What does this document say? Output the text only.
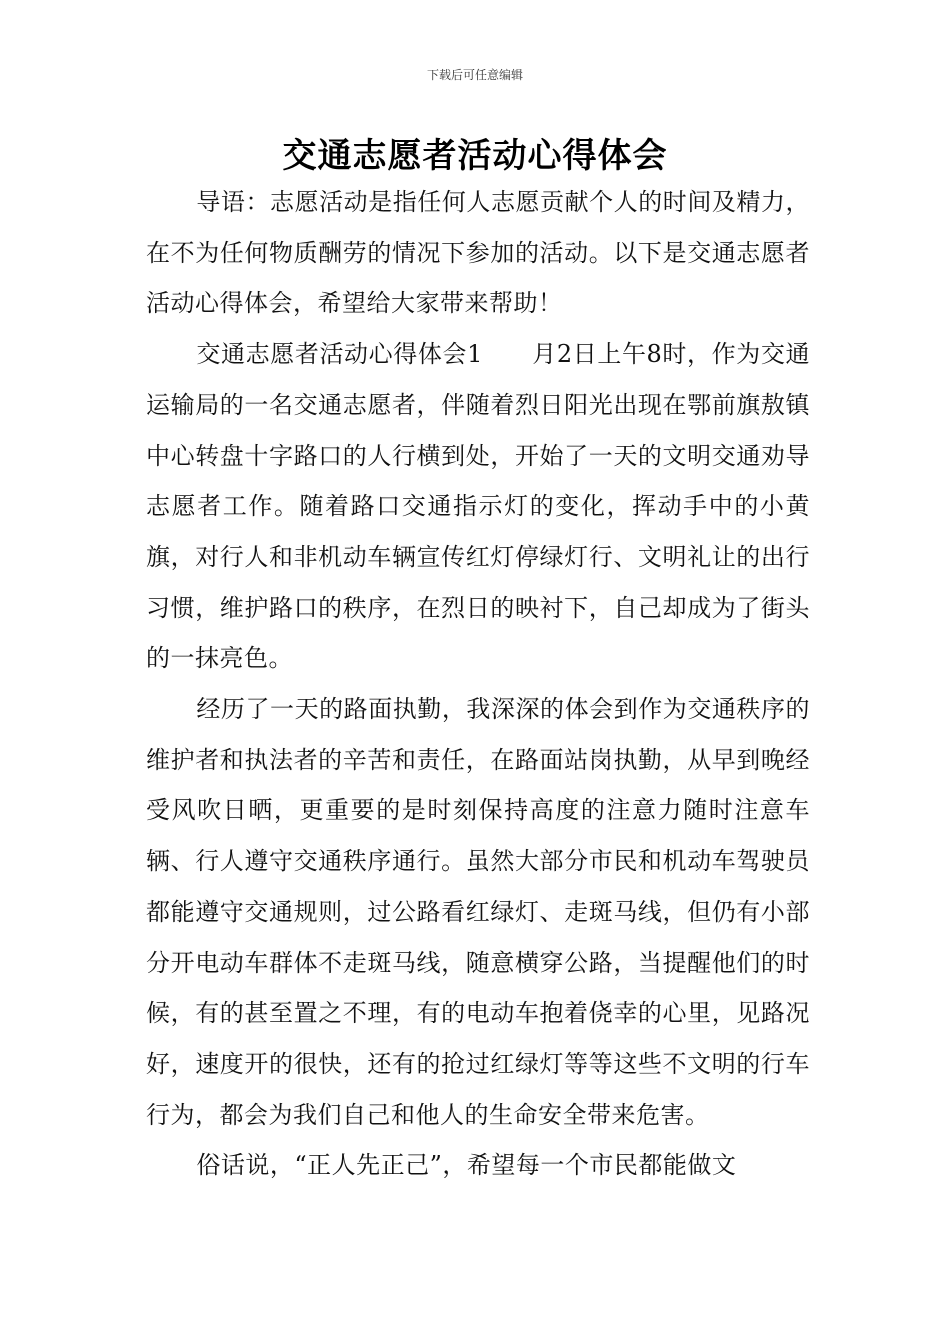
下载后可任意编辑
交通志愿者活动心得体会

导语：志愿活动是指任何人志愿贡献个人的时间及精力，在不为任何物质酬劳的情况下参加的活动。以下是交通志愿者活动心得体会，希望给大家带来帮助！

交通志愿者活动心得体会1　　月2日上午8时，作为交通运输局的一名交通志愿者，伴随着烈日阳光出现在鄂前旗敖镇中心转盘十字路口的人行横到处，开始了一天的文明交通劝导志愿者工作。随着路口交通指示灯的变化，挥动手中的小黄旗，对行人和非机动车辆宣传红灯停绿灯行、文明礼让的出行习惯，维护路口的秩序，在烈日的映衬下，自己却成为了街头的一抹亮色。

经历了一天的路面执勤，我深深的体会到作为交通秩序的维护者和执法者的辛苦和责任，在路面站岗执勤，从早到晚经受风吹日晒，更重要的是时刻保持高度的注意力随时注意车辆、行人遵守交通秩序通行。虽然大部分市民和机动车驾驶员都能遵守交通规则，过公路看红绿灯、走斑马线，但仍有小部分开电动车群体不走斑马线，随意横穿公路，当提醒他们的时候，有的甚至置之不理，有的电动车抱着侥幸的心里，见路况好，速度开的很快，还有的抢过红绿灯等等这些不文明的行车行为，都会为我们自己和他人的生命安全带来危害。

俗话说，“正人先正己”，希望每一个市民都能做文
